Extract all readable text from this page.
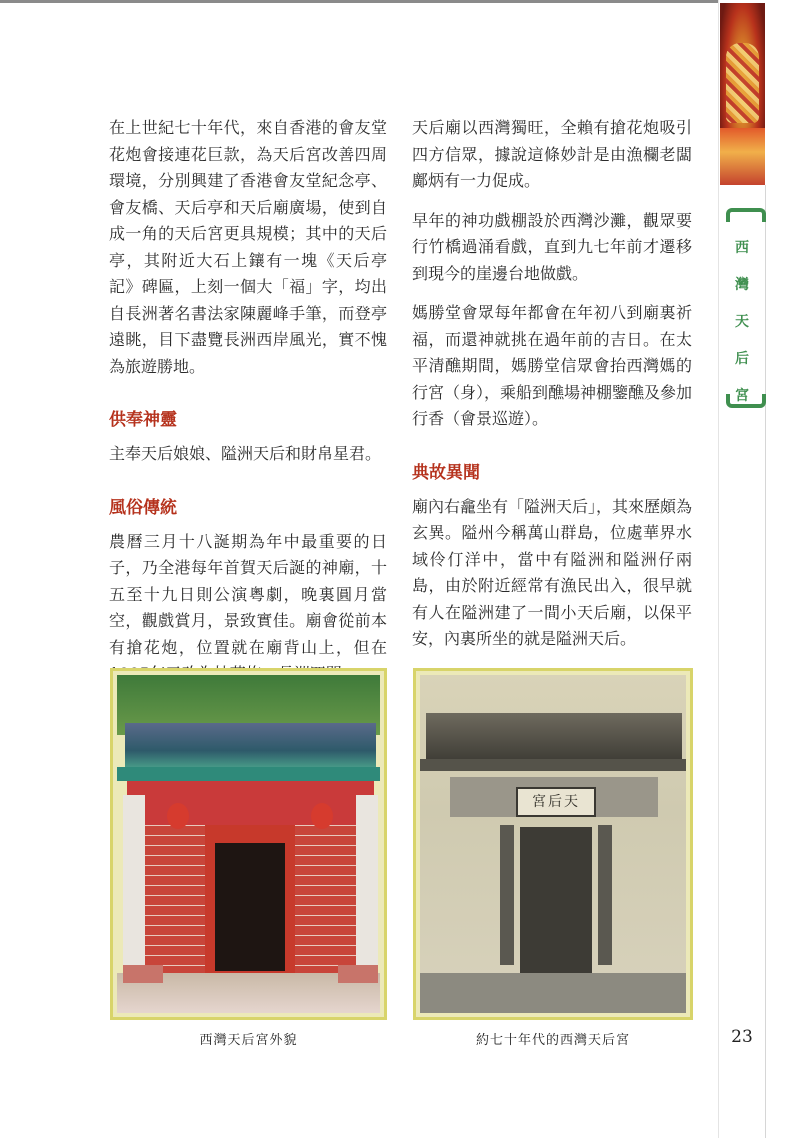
西
灣
天
后
宮

在上世紀七十年代，來自香港的會友堂花炮會接連花巨款，為天后宮改善四周環境，分別興建了香港會友堂紀念亭、會友橋、天后亭和天后廟廣場，使到自成一角的天后宮更具規模；其中的天后亭，其附近大石上鑲有一塊《天后亭記》碑匾，上刻一個大「福」字，均出自長洲著名書法家陳麗峰手筆，而登亭遠眺，目下盡覽長洲西岸風光，實不愧為旅遊勝地。

供奉神靈

主奉天后娘娘、隘洲天后和財帛星君。

風俗傳統

農曆三月十八誕期為年中最重要的日子，乃全港每年首賀天后誕的神廟，十五至十九日則公演粵劇，晚裏圓月當空，觀戲賞月，景致實佳。廟會從前本有搶花炮，位置就在廟背山上，但在

天后廟以西灣獨旺，全賴有搶花炮吸引四方信眾，據說這條妙計是由漁欄老闆鄺炳有一力促成。

早年的神功戲棚設於西灣沙灘，觀眾要行竹橋過涌看戲，直到九七年前才遷移到現今的崖邊台地做戲。

媽勝堂會眾每年都會在年初八到廟裏祈福，而還神就挑在過年前的吉日。在太平清醮期間，媽勝堂信眾會抬西灣媽的行宮（身），乘船到醮場神棚鑒醮及參加行香（會景巡遊）。

典故異聞

廟內右龕坐有「隘洲天后」，其來歷頗為玄異。隘州今稱萬山群島，位處華界水域伶仃洋中，當中有隘洲和隘洲仔兩島，由於附近經常有漁民出入，很早就有人在隘洲建了一間小天后廟，以保平安，內裏所坐的就是隘洲天后。

宮后天
西灣天后宮外貌	約七十年代的西灣天后宮	23
